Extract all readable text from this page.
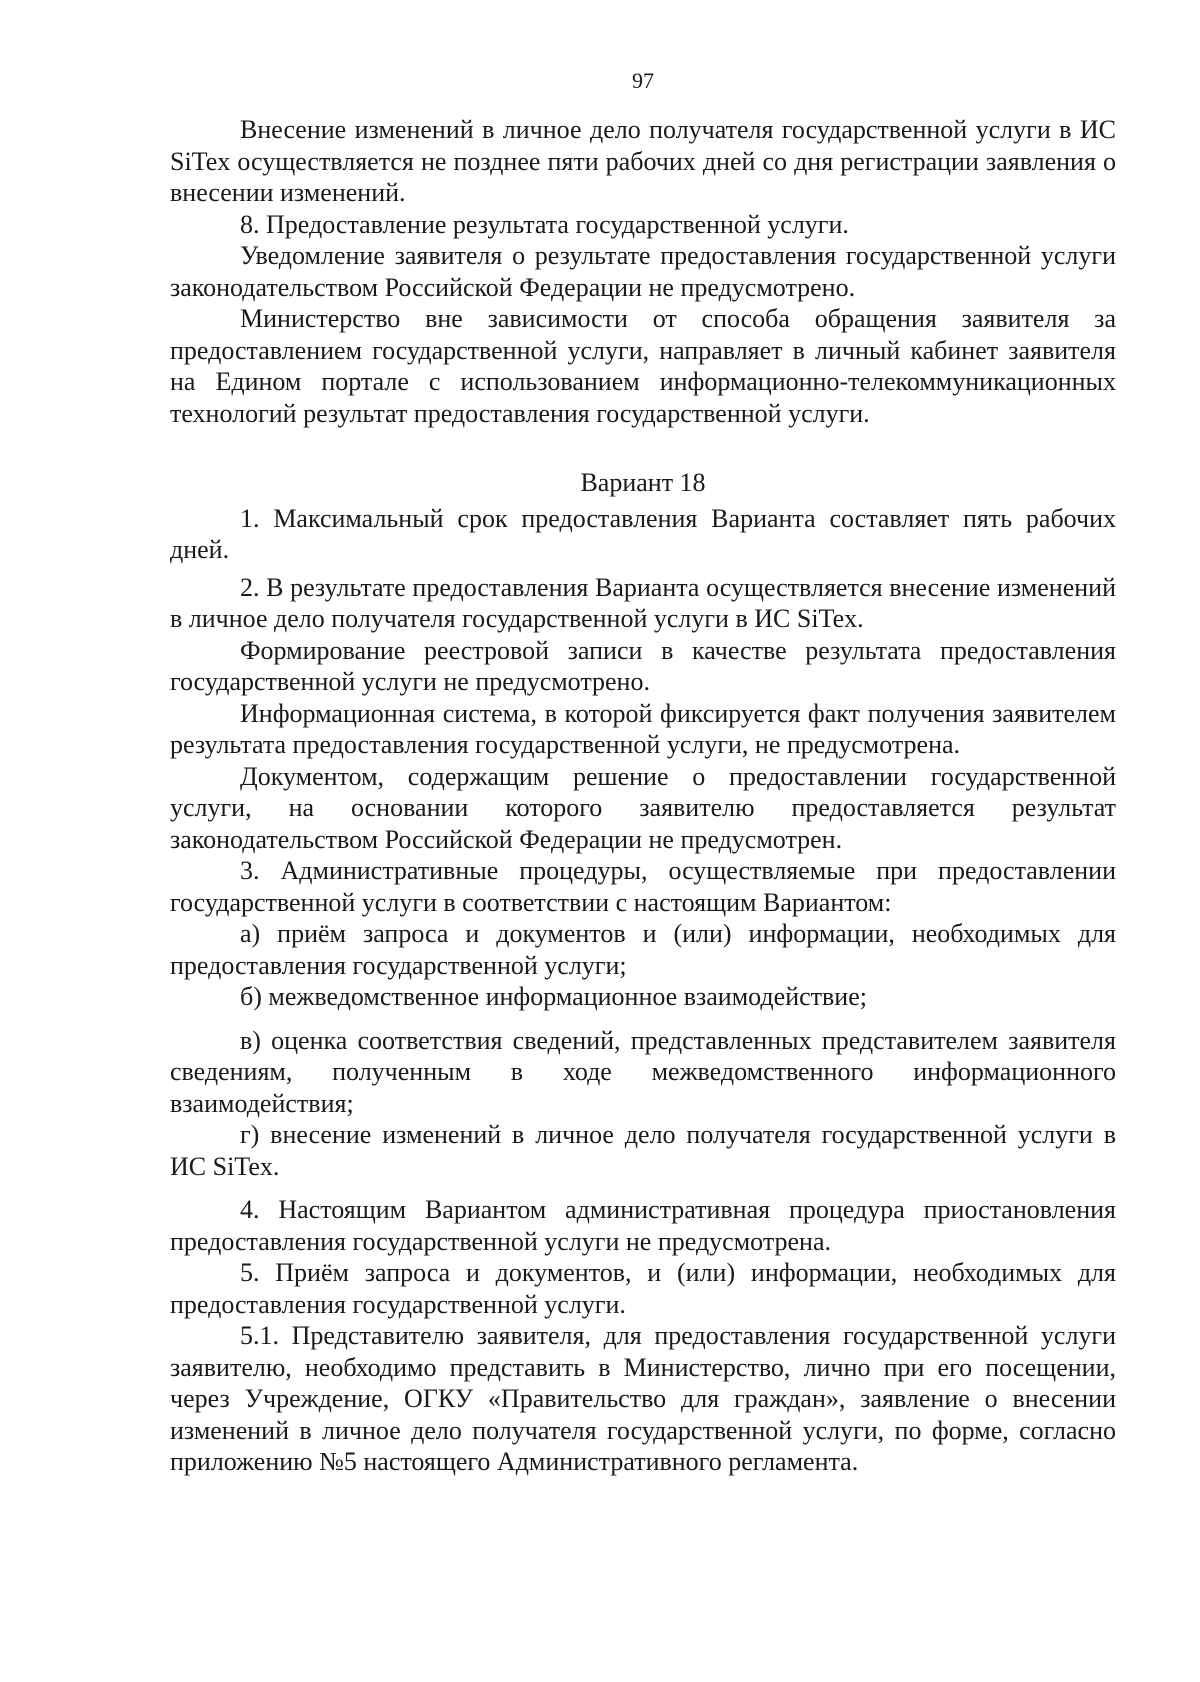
97

Внесение изменений в личное дело получателя государственной услуги в ИС SiTex осуществляется не позднее пяти рабочих дней со дня регистрации заявления о внесении изменений.

8. Предоставление результата государственной услуги.

Уведомление заявителя о результате предоставления государственной услуги законодательством Российской Федерации не предусмотрено.

Министерство вне зависимости от способа обращения заявителя за предоставлением государственной услуги, направляет в личный кабинет заявителя на Едином портале с использованием информационно-телекоммуникационных технологий результат предоставления государственной услуги.

Вариант 18

1. Максимальный срок предоставления Варианта составляет пять рабочих дней.

2. В результате предоставления Варианта осуществляется внесение изменений в личное дело получателя государственной услуги в ИС SiTex.

Формирование реестровой записи в качестве результата предоставления государственной услуги не предусмотрено.

Информационная система, в которой фиксируется факт получения заявителем результата предоставления государственной услуги, не предусмотрена.

Документом, содержащим решение о предоставлении государственной услуги, на основании которого заявителю предоставляется результат законодательством Российской Федерации не предусмотрен.

3. Административные процедуры, осуществляемые при предоставлении государственной услуги в соответствии с настоящим Вариантом:

а) приём запроса и документов и (или) информации, необходимых для предоставления государственной услуги;

б) межведомственное информационное взаимодействие;

в) оценка соответствия сведений, представленных представителем заявителя сведениям, полученным в ходе межведомственного информационного взаимодействия;

г) внесение изменений в личное дело получателя государственной услуги в ИС SiTex.

4. Настоящим Вариантом административная процедура приостановления предоставления государственной услуги не предусмотрена.

5. Приём запроса и документов, и (или) информации, необходимых для предоставления государственной услуги.

5.1. Представителю заявителя, для предоставления государственной услуги заявителю, необходимо представить в Министерство, лично при его посещении, через Учреждение, ОГКУ «Правительство для граждан», заявление о внесении изменений в личное дело получателя государственной услуги, по форме, согласно приложению №5 настоящего Административного регламента.
